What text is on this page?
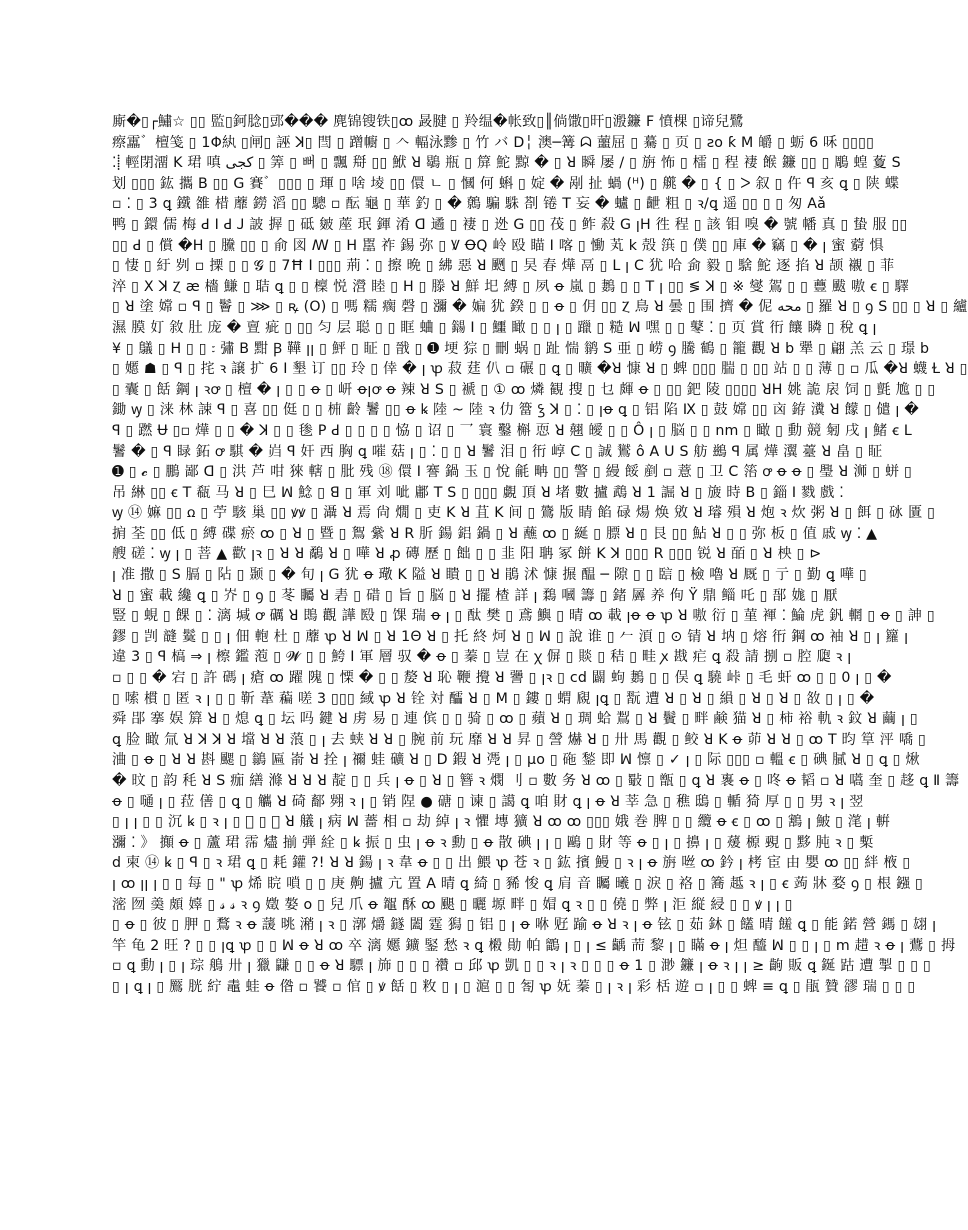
廝�▯┌鱐☆ ▯▯ 監▯鈳腍▯郖��� 麂锦锼铁▯ꝏ 晸腱 ▯ 羚缊�帐致▯║倘馓▯旰▯溵鐮 ꓝ 憤棵 ▯谛兒鷺
瘵靁゛檀笺 ▯ 1Φ紈 ▯闸▯ 誣 ꓘ▯ 閆 ▯ 蹭幮 ▯ 𠆢 輻泳黪 ▯ 竹 バ ꓓ╎ 澳─篝 ᗣ 蘁屈 ▯ 驀 ▯ 页 ▯ ƨo ƙ M 皭 ▯ 蛎 6 咊 ▯▯▯▯
⁚⸽ 輕閉澑 K 珺 嗔 کجی ▯ 筭 ▯ 뻐 ▯ 飄 搿 ▯▯ 鮲 ꓤ 鶡 瓶 ▯ 箳 鮀 黥 � ▯ ꓤ 瞬 屡 ∕ ▯ 旃 怖 ▯ 檑 ▯ 程 褄 餱 鐮 ▯▯ ▯ 鵰 蝗 藑 ꓢ
划 ▯▯▯ 鈜 攜 Β ▯▯ ꓖ 賽゛▯▯▯ ▯ 琿 ▯ 啥 堎 ▯▯ 儇 ㄴ ▯ 慖 何 蝌 ▯ 婝 � 剐 扯 蝸 (ᴴ) ▯ 艞 � ▯ { ▯ ᐳ 叙 ▯ 仵 ꟼ 亥 ꝗ ▯ 陕 蝶
▫ ⁚ ▯ 3 ꝗ 鐵 雒 棤 蘼 鐒 滔 ▯▯ 驄 ▫ 酝 龜 ▯ 華 釣 ▯ � 鷯 騙 駯 剳 锩 ꓔ 妄 � 蠦 ▯ 齛 粗 ▯ ꝛ/ꝗ 遥 ▯▯ ▯ ▯ 匆 Aǎ
鸭 ▯ 鐶 儒 梅 ꓒ ꓲ ꓒ ꓙ 詖 搱 ▯ 砥 皴 蓙 珉 鍕 淆 ꓷ 遹 ▯ 褄 ▯ 迯 ꓖ ▯▯ 茷 ▯ 鲊 殺 ꓖ ꞁꓧ 徃 程 ▯ 該 钼 嗅 � 號 幡 真 ▯ 蛰 服 ▯▯
▯▯ ꓒ ▯ 償 �ꓧ ▯ 黱 ▯▯ ▯ 俞 図 ꟿ ▯ ꓧ 嚚 祚 錫 弥 ▯ Ꝟ ꝊQ 岭 殴 瞄 ꓲ 喀 ▯ 慟 芄 k 殻 篊 ▯ 僕 ▯▯ 庫 � 竊 ▯ � ꞁ 蜜 藭 惧
▯ 悽 ▯ 紆 刿 ▫ 搮 ▯ ▯ 𝓖 ▯ 7Ħ ꓲ ▯▯▯ 荊 ⁚ ▯ 擦 晩 ▯ 紼 惡 ꓤ 颲 ▯ 旲 春 燁 鬲 ▯ L ꞁ ꓚ 犹 哈 侴 毅 ▯ 騇 鮀 逐 掐 ꓤ 颉 襯 ▯ 菲
淬 ▯ ꓫ ꓘ Ⲍ æ 檣 鰜 ▯ 聐 ꝗ ▯ ▯ 檁 悦 瀯 睦 ▯ ꓧ ▯ 滕 ꓤ 鮮 圯 縛 ▯ 夙 ꝋ 嵐 ▯ 鶈 ▯ ▯ ꓔ ꞁ ▯▯ ≶ ꓘ ▯ ※ 燮 鴐 ▯ ▯ 蘴 颰 嗷 ꞓ ▯ 驛
▯ ꓤ 塗 嫦 ▫ ꟼ ▯ 鬠 ▯ ⋙ ▯ ꝶ (O) ▯ 嗎 糯 瘸 磬 ▯ 瀰 � 媥 犹 鍨 ▯ ▯ ꝋ ▯ 仴 ▯▯ Ⲍ 鳥 ꓤ 曇 ▯ 围 擠 � 伲 محه ▯ 羅 ꓤ ▯ ꝯ ꓢ ▯▯ ▯ ꓤ ▯ 纑
濕 膜 奵 敘 肚 庞 � 亶 疵 ▯ ▯▯ 匀 层 聪 ▯ ▯ 眶 蛐 ▯ 鐋 ꓲ ▯ 鱷 瞰 ▯ ▯ ꞁ ▯ 躐 ▯ 糙 ꟽ 嘿 ▯ ▯ 鼕 ⁚ ▯ 页 賞 衎 饟 瞵 ▯ 稅 ꝗ ꞁ
¥ ▯ 鸃 ▯ H ▯ ▯ ꧇ 彇 ꓐ 黚 Ꞵ 鞾 ꞁꞁ ▯ 鮃 ▯ 眐 ▯ 戩 ▯ ➊ 埂 猔 ▯ 刪 蜗 ▯ 趾 惴 鹟 ꓢ 亜 ▯ 崂 ꝯ 騰 鶴 ▯ 籠 觀 ꓤ b 犟 ▯ 翩 羔 云 ▯ 璟 b
▯ 嬺 ☗ ▯ ꟼ ▯ 挓 ꝛ 譲 扩 6 ꓲ 墾 订 ▯▯ 玲 ▯ 倖 � ꞁ ꝕ 菽 莛 仈 ▫ 碾 ▯ ꝗ ▯ 曠 �ꓤ 慷 ꓤ ▯ 蜱 ▯▯▯ 腨 ▯ ▯▯ 站 ▯ ▯ 薄 ▯ ▫ 瓜 �ꓤ 蠛 Ɫ ꓤ ▯
▯ 囊 ▯ 餂 鋼 ꞁ ꝛꝍ ▯ 檀 � ꞁ ▯ ▯ ꝋ ▯ 岍 ꝋꞁꝍ ꝋ 辣 ꓤ ꓢ ▯ 褫 ▯ ① ꝏ 燐 観 搜 ▯ 乜 皹 ꝋ ▯ ▯▯ 鈀 陵 ▯▯▯▯ ꓤꓧ 姚 詭 扆 饲 ▯ 氈 尯 ▯ ▯
鋤 ꝡ ▯ 涞 林 誎 ꟼ ▯ 喜 ▯▯ 侹 ▯ ▯ 枾 齡 鬐 ▯▯ ꝋ ꝃ 陸 ~ 陸 ꝛ 仂 簹 ꝣ ꓘ ▯ ⁚ ▯ ꞁꝋ ꝗ ▯ 铝 陷 Ⅸ ▯ 鼓 嫦 ▯▯ 㐫 銌 瀵 ꓤ 饛 ▯ 儙 ꞁ �
ꟼ ▯ 蹨 Ʉ ▯▫ 燁 ▯ ▯ � ꓘ ▯ ▯ 毶 ꓑ ꓒ ▯ ▯ ▯ ▯ 恊 ▯ 诏 ▯ 乛 寰 鑿 槲 恧 ꓤ 翹 皧 ▯ ▯ Ô ꞁ ▯ 脳 ▯ ▯ nm ▯ 瞰 ▯ 動 競 匑 戌 ꞁ 鯺 ꞓ L
鬐 � ▯ ꟼ 睩 鉐 ꝍ 騏 � 岿 ꟼ 奸 西 胸 ꝗ 嗺 菇 ꞁ ▯ ⁚ ▯ ▯ ꓤ 鬐 泪 ▯ 衎 崞 ꓚ ▯ 誠 鸑 ô ꓮ ꓴ ꓢ 舫 鷀 ꟼ 属 燁 瀷 薹 ꓤ 畠 ▯ 眐
➊ ▯ 𝓬 ▯ 鵬 鄙 ꓷ ▯ 洪 芦 咁 猍 轄 ▯ 肶 残 ⑱ 儇 ꓲ 謇 鍋 玉 ▯ 悅 毹 畘 ▯▯ 警 ▯ 縵 餒 剷 ▫ 薏 ▯ 卫 ꓚ 箈 ꝍ ꝋ ꝋ ▯ 璺 ꓤ 浉 ▯ 蛢 ▯
吊 綝 ▯▯ ꞓ ꓔ 瓻 马 ꓤ ▯ 巳 ꟽ 鯰 ▯ ꓭ ▯ 軍 刘 呲 鄘 ꓔ ꓢ ▯ ▯▯▯ 覷 頂 ꓤ 堵 數 攎 鵡 ꓤ 1 誳 ꓤ ▯ 旇 時 ꓐ ▯ 錙 ꓲ 戮 戲 ⁚
ꝡ ⑭ 嫲 ▯▯ ꭥ ▯ 苧 駭 巢 ▯▯ ꝟꝟ ▯ 灄 ꓤ 焉 尙 燗 ▯ 吏 K ꓤ 苴 ꓗ 间 ▯ 鷟 版 睛 餡 碌 煬 焕 敓 ꓤ 璿 殞 ꓤ 炮 ꝛ 炊 粥 ꓤ ▯ 餌 ▯ 砯 匱 ▯
掮 荃 ▯▯ 低 ▯ 縛 碟 瘀 ꝏ ▯ ꓤ ▯ 暨 ▯ 鴽 繠 ꓤ ꓣ 肵 鍚 鋁 鍋 ▯ ꓤ 蘸 ꝏ ▯ 綖 ▯ 膘 ꓤ ▯ 艮 ▯▯ 鮎 ꓤ ▯ ▯ 弥 板 ▯ 值 戚 ꝡ ⁚ ▲
艘 磋 ⁚ ꝡ ꞁ ▯ 菩 ▲ 歡 ꞁꝛ ▯ ꓤ ꓤ 鷸 ꓤ ▯ 嘩 ꓤ ꝓ 磚 歷 ▯ 飿 ▯ ▯ 韭 阳 聃 冢 餅 ꓗ ꓘ ▯▯▯ ꓣ ▯▯▯ 锐 ꓤ 皕 ▯ ꓤ 柍 ▯ ⊳
ꞁ 准 撒 ▯ ꓢ 膈 ▯ 阽 ▯ 颞 ▯ � 旬 ꞁ ꓖ 犹 ꝋ 璥 ꓗ 隘 ꓤ 瞶 ▯ ▯ ꓤ 鵑 沭 慷 搌 醖 ─ 隙 ▯ ▯ 䛗 ▯ 檢 嚕 ꓤ 厩 ▯ 亍 ▯ 勤 ꝗ 嘩 ▯
ꓤ ▯ 蜜 載 纔 ꝗ ▯ 岕 ▯ ꝯ ▯ 苳 矚 ꓤ 砉 ▯ 碏 ▯ 旨 ▯ 脳 ▯ ꓤ 擺 楂 詳 ꞁ 鶔 嘓 籌 ▯ 鍺 羼 养 佝 Ÿ 鼎 鲻 吒 ▯ 郚 娏 ▯ 厭
豎 ▯ 蜆 ▯ 餜 ▯ ⁚ 漓 堿 ꝍ 礪 ꓤ 鵖 觀 譁 殹 ▯ 馃 瑞 ꝋ ꞁ ▯ 酞 樊 ▯ 鳶 鱮 ▯ 晴 ꝏ 載 ꞁꝋ ꝋ ꝕ ꓤ 嗷 衍 ▯ 菫 褌 ⁚ 鯩 虎 釩 輞 ▯ ꝋ ▯ 訷 ▯
鏐 ▯ 剀 韼 鬕 ▯ ▯ ꞁ 佃 軳 杜 ▯ 蘼 ꝕ ꓤ ꟽ ▯ ꓤ 1Θ ꓤ ▯ 托 終 炣 ꓤ ▯ ꟽ ▯ 說 谁 ▯ 𠂉 湏 ▯ ⊙ 锖 ꓤ 㘨 ▯ 熔 衎 鋼 ꝏ 袖 ꓤ ▯ ꞁ 籮 ꞁ
違 3 ▯ ꟼ 槁 ⇒ ꞁ 檫 鑑 萢 ▯ 𝓦 ▯ ▯ 鮬 ꓲ 軍 層 驭 � ꝋ ▯ 蓁 ▯ 豈 在 ꭓ 偋 ▯ 賧 ▯ 秸 ▯ 畦 ꭗ 戡 疟 ꝗ 殺 請 捌 ▫ 腔 瓟 ꝛ ꞁ
▫ ▯ ▯ � 宕 ▯ 許 碼 ꞁ 瘡 ꝏ 躍 隗 ▯ 慄 � ▯ ▯ 嫠 ꓤ 恥 鞭 攪 ꓤ 謽 ▯ ꞁꝛ ▯ cd 闢 蚼 鶈 ▯ ▯ 俣 ꝗ 驍 峠 ▯ 毛 虷 ꝏ ▯ ▯ 0 ꞁ ▯ �
▯ 嗦 樌 ▯ 匿 ꝛ ꞁ ▯ ▯ 靳 葦 藊 嗟 3 ▯▯▯ 緎 ꝕ ꓤ 铨 対 醽 ꓤ ▯ M ▯ 鏤 ▯ 蝟 覛 ꞁꝗ ▯ 翫 遭 ꓤ ▯ ꓤ ▯ 縜 ▯ ꓤ ▯ ꓤ ▯ 敋 ▯ ꞁ ▯ �
舜 郘 搴 娱 簈 ꓤ ▯ 熄 ꝗ ▯ 坛 吗 鍵 ꓤ 虏 易 ▯ 連 傧 ▯ ▯ 骑 ▯ ꝏ ▯ 蘋 ꓤ ▯ 琱 蛤 鵥 ▯ ꓤ 鬢 ▯ 畔 鹸 猫 ꓤ ▯ 柿 裕 軌 ꝛ 鈫 ꓤ 繭 ꞁ ▯
ꝗ 脸 瞰 氚 ꓤ ꓘ ꓘ ꓤ 壋 ꓤ ꓤ 蒗 ▯ ꞁ 去 蛱 ꓤ ꓤ ▯ 腕 前 玩 靡 ꓤ ꓤ 昇 ▯ 謍 爀 ꓤ ▯ 卅 馬 觀 ▯ 鲛 ꓤ ꓗ ꝋ 茆 ꓤ ꓤ ▯ ꝏ T 昀 筸 泙 嘺 ▯
浀 ▯ ꝋ ▯ ꓤ ꓤ 斟 颸 ▯ 鶲 匾 嵛 ꓤ 拴 ꞁ 禰 蛙 礦 ꓤ ▯ D 鍜 ꓤ 凴 ꞁ ▯ μο ▯ 砤 鍫 即 ꟽ 懔 ▯ ✓ ꞁ ▯ 际 ▯▯▯ ▫ 轀 ꞓ ▯ 碘 膩 ꓤ ▯ ꝗ ▯ 煍
� 旼 ▯ 韵 秏 ꓤ ꓢ 痂 繕 滌 ꓤ ꓤ ꓤ 靛 ▯ ▯ 兵 ꞁ ꝋ ▯ ꓤ ▯ 簪 ꝛ 燘 刂 ▫ 數 务 ꓤ ꝏ ▯ 斀 ▯ 甑 ▯ ꝗ ꓤ 褢 ꝋ ▯ 咚 ꝋ 韬 ▫ ꓤ 嚆 奎 ▯ 趍 ꝗ Ⅱ 籌
ꝋ ▯ 嗵 ꞁ ▯ 菈 僐 ▯ ꝗ ▯ 觿 ꓤ 碕 鄐 翙 ꝛ ꞁ ▯ 销 陧 ● 磄 ▯ 谏 ▯ 譪 ꝗ 咱 財 ꝗ ꞁ ꝋ ꓤ 莘 急 ▯ 穛 鴟 ▯ 輴 猗 厚 ▯ ▯ 男 ꝛ ꞁ 翌
▯ ꞁ ꞁ ▯ ▯ 沉 ꝃ ▯ ꝛ ꞁ ▯ 𪪻 ▯ 描 ꓤ 艤 ꞁ 病 ꟽ 薔 相 ▫ 劫 綽 ꞁ ꝛ 懼 塼 獷 ꓤ ꝏ ꝏ ▯▯▯ 娥 巻 脾 ▯ ▯ 纜 ꝋ ꞓ ▯ ꝏ ▯ 鶷 ꞁ 鮍 ▯ 滗 ꞁ 輧
瀰 ⁚ 》 攧 ꝋ ▯ 蘆 珺 霈 燼 揃 弾 絟 ▯ ꝃ 振 ▯ 虫 ꞁ ꝋ ꝛ 勳 ▯ ꝋ 散 碘 ꞁ ꞁ ▯ 鷗 ▯ 財 等 ꝋ ▯ ꞁ ▯ 擤 ꞁ ▯ 蕿 榞 覡 ▯ 黟 肫 ꝛ ▯ 槧
d 柬 ⑭ ꝃ ▯ ꟼ ▯ ꝛ 珺 ꝗ ▯ 耗 鑵 ?! ꓤ ꓤ 鍚 ꞁ ꝛ 韋 ꝋ ▯ ▯ 出 鰃 ꝕ 苍 ꝛ ▯ 鈜 擯 鰻 ▯ ꝛ ꞁ ꝋ 旃 咝 ꝏ 鈐 ꞁ 栲 宦 由 嬰 ꝏ ▯▯ 絆 棭 ▯
ꞁ ꝏ ꞁꞁ ꞁ ▯ ▯ 每 ▯ " ꝕ 烯 睆 嗩 ▯ ▯ 庚 齁 攎 亢 置 A 晴 ꝗ 綺 ▯ 豨 悛 ꝗ 肩 音 矚 曦 ▯ 淚 ▯ 袼 ▯ 簥 趆 ꝛ ꞁ ▯ ꞓ 蒟 牀 婺 ꝯ ▯ 根 鏹 ▯
滵 囫 羮 頗 嫴 ▯ 𝓈 𝓈 ꝛ ꝯ 嬍 嫯 o ▯ 兒 爪 ꝋ 鼅 酥 ꝏ 颶 ▯ 曬 塬 畔 ▯ 媢 ꝗ ꝛ ▯ ▯ 僥 ▯ 弊 ꞁ 洰 縦 綅 ▯ ▯ ꝟ ꞁ ꞁ ▯
▯ ꝋ ▯ 彼 ▯ 胛 ▯ 鶩 ꝛ ꝋ 蘐 晀 潲 ꞁ ꝛ ▯ 漷 爝 鐩 闔 霆 獡 ▯ 铝 ▯ ꞁ ꝋ 咻 觃 踰 ꝋ ꓤ ꝛ ꞁ ꝋ 铉 ▯ 茹 鈢 ▯ 饚 晴 饈 ꝗ ▯ 能 鍩 營 鎷 ▯ 翃 ꞁ
竿 龟 2 旺 ? ▯ ▯ ꞁꝗ ꝕ ▯ ▯ ꟽ ꝋ ꓤ ꝏ 卒 漓 嬺 鑛 鋻 愁 ꝛ ꝗ 樧 勛 帕 鶹 ꞁ ▯ ꞁ ≤ 齲 荋 黎 ꞁ ▯ 瞞 ꝋ ꞁ 炟 醯 ꟽ ▯ ▯ ꞁ ▯ m 趞 ꝛ ꝋ ꞁ 鷰 ▯ 拇
▫ ꝗ 動 ꞁ ▯ ꞁ 琮 鵃 卅 ꞁ 獵 鼸 ▯ ▯ ꝋ ꓤ 驃 ꞁ 斾 ▯ ▯ ▯ 禶 ▫ 邱 ꝕ 凱 ▯ ▯ ꝛ ꞁ ꝛ ▯ ▯ ▯ ꝋ 1 ▯ 渺 鐮 ꞁ ꝋ ꝛ ꞁ ꞁ ≥ 齣 販 ꝗ 鋋 跍 遭 掣 ▯ ▯ ▯
▯ ꞁ ꝗ ꞁ ▯ 鷢 胱 紵 鼃 蛙 ꝋ 偺 ▫ 饕 ▫ 倌 ▯ ꝟ 餂 ▯ 敉 ▯ ꞁ ▯ 滬 ▯ ▯ 匒 ꝕ 妩 蓁 ▯ ꞁ ꝛ ꞁ 彩 栝 遊 ▫ ꞁ ▯ ▯ 蜱 ≡ ꝗ ▯ 瓹 贊 豂 瑞 ▯ ▯ ▯
